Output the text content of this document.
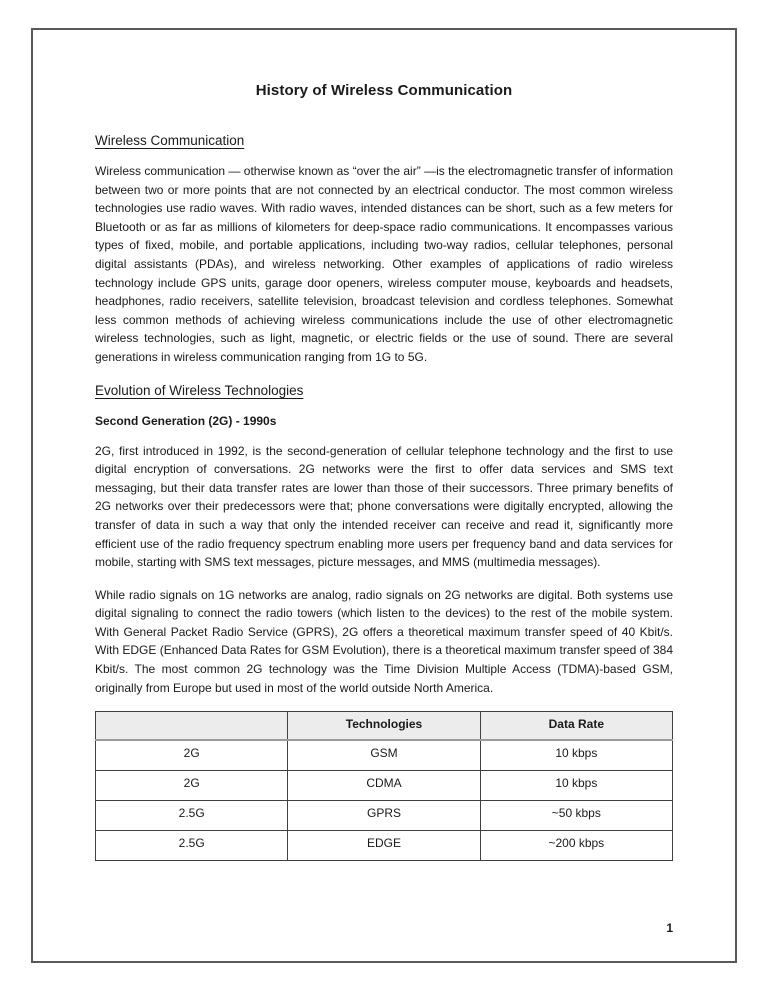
History of Wireless Communication
Wireless Communication

Wireless communication — otherwise known as “over the air” —is the electromagnetic transfer of information between two or more points that are not connected by an electrical conductor. The most common wireless technologies use radio waves. With radio waves, intended distances can be short, such as a few meters for Bluetooth or as far as millions of kilometers for deep-space radio communications. It encompasses various types of fixed, mobile, and portable applications, including two-way radios, cellular telephones, personal digital assistants (PDAs), and wireless networking. Other examples of applications of radio wireless technology include GPS units, garage door openers, wireless computer mouse, keyboards and headsets, headphones, radio receivers, satellite television, broadcast television and cordless telephones. Somewhat less common methods of achieving wireless communications include the use of other electromagnetic wireless technologies, such as light, magnetic, or electric fields or the use of sound. There are several generations in wireless communication ranging from 1G to 5G.

Evolution of Wireless Technologies
Second Generation (2G) - 1990s

2G, first introduced in 1992, is the second-generation of cellular telephone technology and the first to use digital encryption of conversations. 2G networks were the first to offer data services and SMS text messaging, but their data transfer rates are lower than those of their successors. Three primary benefits of 2G networks over their predecessors were that; phone conversations were digitally encrypted, allowing the transfer of data in such a way that only the intended receiver can receive and read it, significantly more efficient use of the radio frequency spectrum enabling more users per frequency band and data services for mobile, starting with SMS text messages, picture messages, and MMS (multimedia messages).

While radio signals on 1G networks are analog, radio signals on 2G networks are digital. Both systems use digital signaling to connect the radio towers (which listen to the devices) to the rest of the mobile system. With General Packet Radio Service (GPRS), 2G offers a theoretical maximum transfer speed of 40 Kbit/s. With EDGE (Enhanced Data Rates for GSM Evolution), there is a theoretical maximum transfer speed of 384 Kbit/s. The most common 2G technology was the Time Division Multiple Access (TDMA)-based GSM, originally from Europe but used in most of the world outside North America.

	Technologies	Data Rate
2G	GSM	10 kbps
2G	CDMA	10 kbps
2.5G	GPRS	~50 kbps
2.5G	EDGE	~200 kbps
1
